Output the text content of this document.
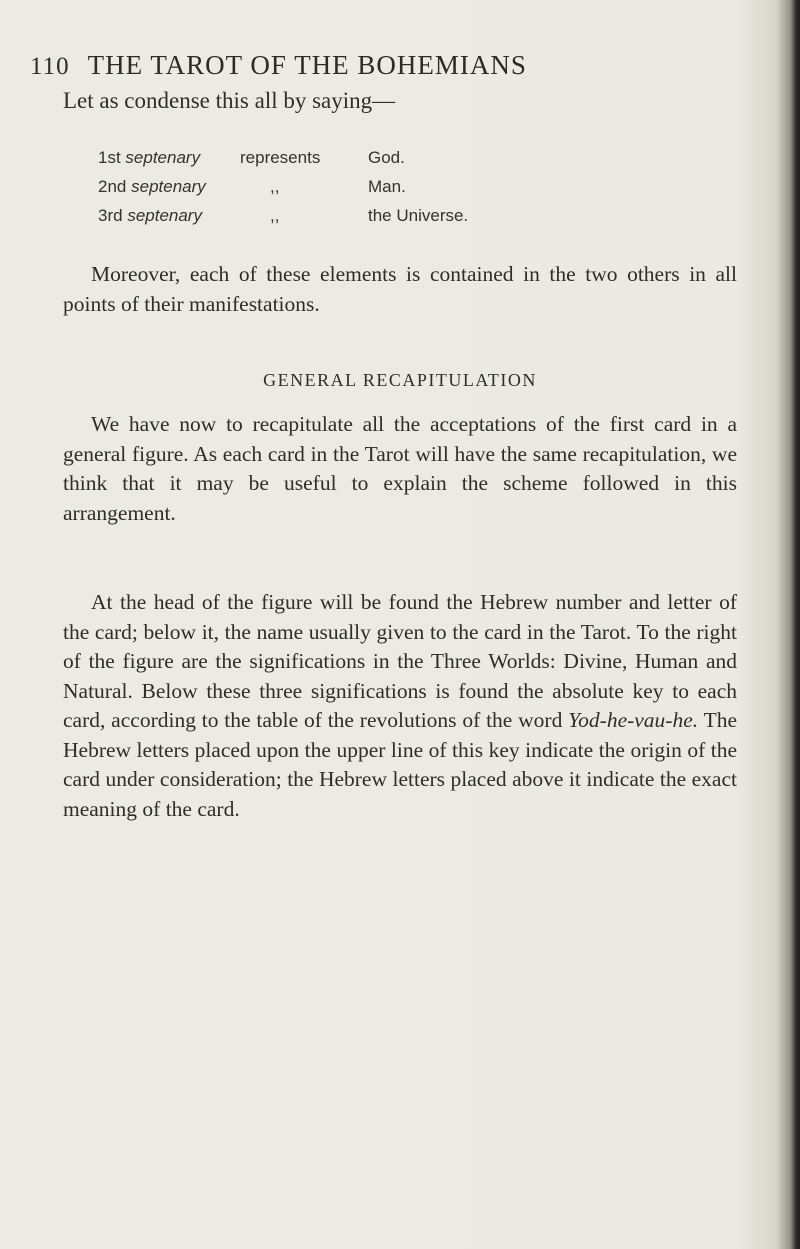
110 THE TAROT OF THE BOHEMIANS
Let as condense this all by saying—
1st septenary	represents	God.
2nd septenary	,,	Man.
3rd septenary	,,	the Universe.

Moreover, each of these elements is contained in the two others in all points of their manifestations.

GENERAL RECAPITULATION

We have now to recapitulate all the acceptations of the first card in a general figure. As each card in the Tarot will have the same recapitulation, we think that it may be useful to explain the scheme followed in this arrangement.

At the head of the figure will be found the Hebrew number and letter of the card; below it, the name usually given to the card in the Tarot. To the right of the figure are the significations in the Three Worlds: Divine, Human and Natural. Below these three significations is found the absolute key to each card, according to the table of the revolutions of the word Yod-he-vau-he. The Hebrew letters placed upon the upper line of this key indicate the origin of the card under consideration; the Hebrew letters placed above it indicate the exact meaning of the card.
